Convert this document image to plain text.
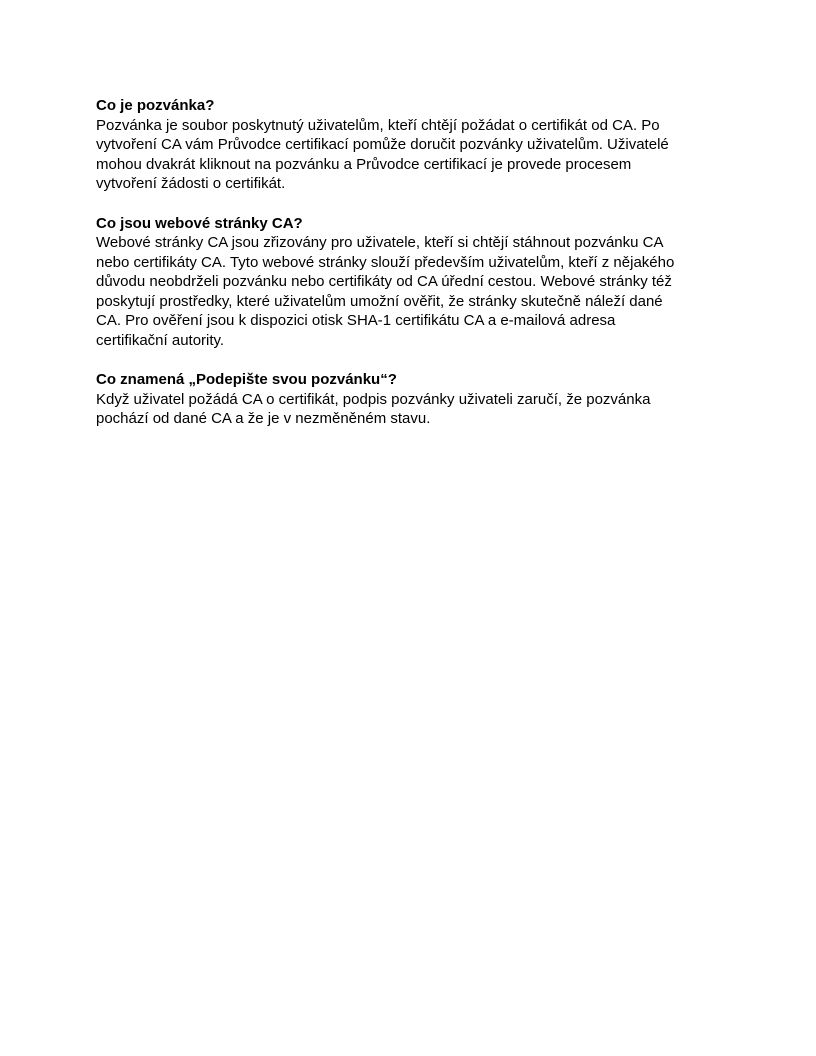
Co je pozvánka?

Pozvánka je soubor poskytnutý uživatelům, kteří chtějí požádat o certifikát od CA. Po
vytvoření CA vám Průvodce certifikací pomůže doručit pozvánky uživatelům. Uživatelé
mohou dvakrát kliknout na pozvánku a Průvodce certifikací je provede procesem
vytvoření žádosti o certifikát.

Co jsou webové stránky CA?

Webové stránky CA jsou zřizovány pro uživatele, kteří si chtějí stáhnout pozvánku CA
nebo certifikáty CA. Tyto webové stránky slouží především uživatelům, kteří z nějakého
důvodu neobdrželi pozvánku nebo certifikáty od CA úřední cestou. Webové stránky též
poskytují prostředky, které uživatelům umožní ověřit, že stránky skutečně náleží dané
CA. Pro ověření jsou k dispozici otisk SHA-1 certifikátu CA a e-mailová adresa
certifikační autority.

Co znamená „Podepište svou pozvánku“?

Když uživatel požádá CA o certifikát, podpis pozvánky uživateli zaručí, že pozvánka
pochází od dané CA a že je v nezměněném stavu.
